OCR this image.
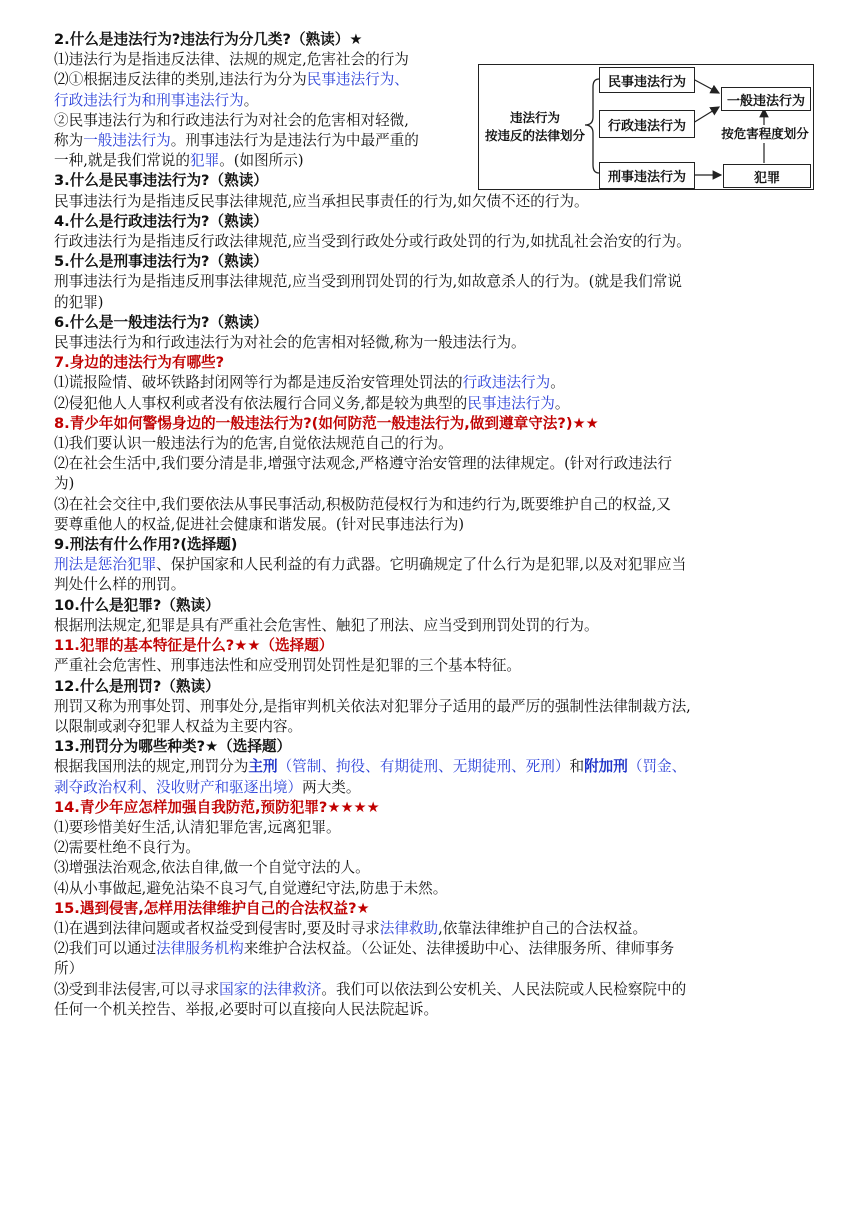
2.什么是违法行为?违法行为分几类?（熟读）★
⑴违法行为是指违反法律、法规的规定,危害社会的行为
⑵①根据违反法律的类别,违法行为分为民事违法行为、
行政违法行为和刑事违法行为。
②民事违法行为和行政违法行为对社会的危害相对轻微,
称为一般违法行为。刑事违法行为是违法行为中最严重的
一种,就是我们常说的犯罪。(如图所示)
3.什么是民事违法行为?（熟读）
民事违法行为是指违反民事法律规范,应当承担民事责任的行为,如欠债不还的行为。
4.什么是行政违法行为?（熟读）
行政违法行为是指违反行政法律规范,应当受到行政处分或行政处罚的行为,如扰乱社会治安的行为。
5.什么是刑事违法行为?（熟读）
刑事违法行为是指违反刑事法律规范,应当受到刑罚处罚的行为,如故意杀人的行为。(就是我们常说
的犯罪)
6.什么是一般违法行为?（熟读）
民事违法行为和行政违法行为对社会的危害相对轻微,称为一般违法行为。
7.身边的违法行为有哪些?
⑴谎报险情、破坏铁路封闭网等行为都是违反治安管理处罚法的行政违法行为。
⑵侵犯他人人事权利或者没有依法履行合同义务,都是较为典型的民事违法行为。
8.青少年如何警惕身边的一般违法行为?(如何防范一般违法行为,做到遵章守法?)★★
⑴我们要认识一般违法行为的危害,自觉依法规范自己的行为。
⑵在社会生活中,我们要分清是非,增强守法观念,严格遵守治安管理的法律规定。(针对行政违法行
为)
⑶在社会交往中,我们要依法从事民事活动,积极防范侵权行为和违约行为,既要维护自己的权益,又
要尊重他人的权益,促进社会健康和谐发展。(针对民事违法行为)
9.刑法有什么作用?(选择题)
刑法是惩治犯罪、保护国家和人民利益的有力武器。它明确规定了什么行为是犯罪,以及对犯罪应当
判处什么样的刑罚。
10.什么是犯罪?（熟读）
根据刑法规定,犯罪是具有严重社会危害性、触犯了刑法、应当受到刑罚处罚的行为。
11.犯罪的基本特征是什么?★★（选择题）
严重社会危害性、刑事违法性和应受刑罚处罚性是犯罪的三个基本特征。
12.什么是刑罚?（熟读）
刑罚又称为刑事处罚、刑事处分,是指审判机关依法对犯罪分子适用的最严厉的强制性法律制裁方法,
以限制或剥夺犯罪人权益为主要内容。
13.刑罚分为哪些种类?★（选择题）
根据我国刑法的规定,刑罚分为主刑（管制、拘役、有期徒刑、无期徒刑、死刑）和附加刑（罚金、
剥夺政治权利、没收财产和驱逐出境）两大类。
14.青少年应怎样加强自我防范,预防犯罪?★★★★
⑴要珍惜美好生活,认清犯罪危害,远离犯罪。
⑵需要杜绝不良行为。
⑶增强法治观念,依法自律,做一个自觉守法的人。
⑷从小事做起,避免沾染不良习气,自觉遵纪守法,防患于未然。
15.遇到侵害,怎样用法律维护自己的合法权益?★
⑴在遇到法律问题或者权益受到侵害时,要及时寻求法律救助,依靠法律维护自己的合法权益。
⑵我们可以通过法律服务机构来维护合法权益。（公证处、法律援助中心、法律服务所、律师事务
所）
⑶受到非法侵害,可以寻求国家的法律救济。我们可以依法到公安机关、人民法院或人民检察院中的
任何一个机关控告、举报,必要时可以直接向人民法院起诉。
违法行为
按违反的法律划分
民事违法行为
行政违法行为
刑事违法行为
一般违法行为
按危害程度划分
犯罪
